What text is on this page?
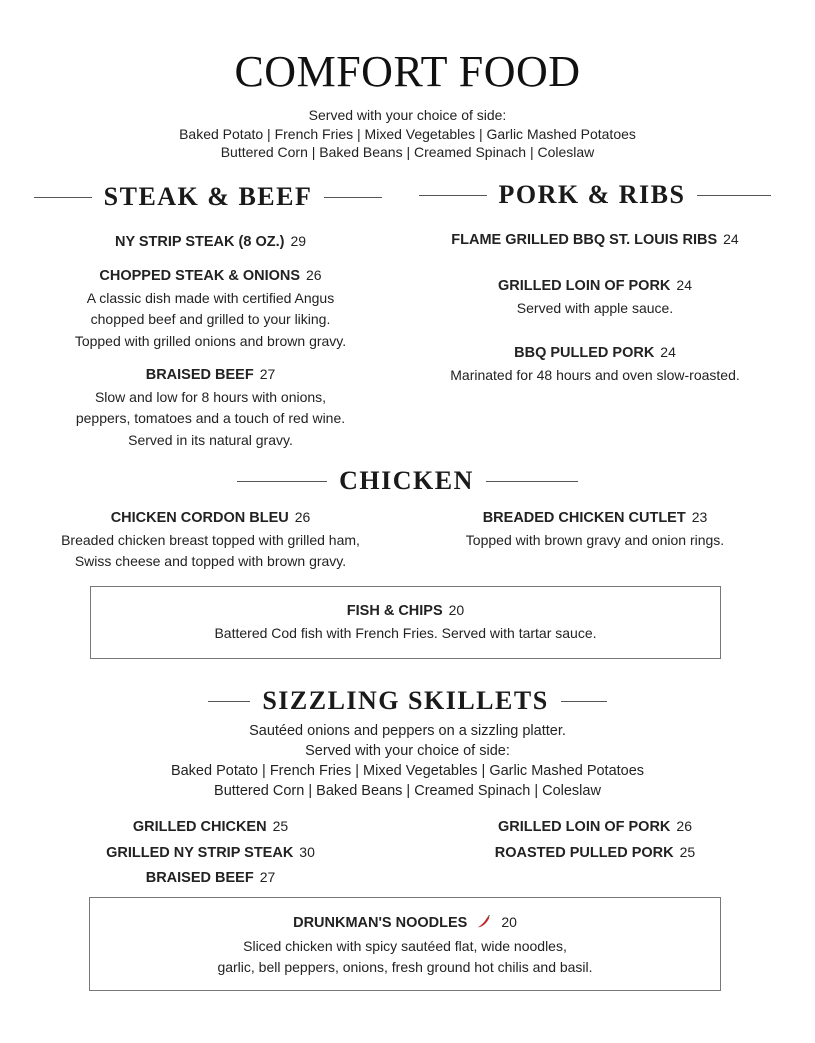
COMFORT FOOD
Served with your choice of side:
Baked Potato | French Fries | Mixed Vegetables | Garlic Mashed Potatoes
Buttered Corn | Baked Beans | Creamed Spinach | Coleslaw
STEAK & BEEF
NY STRIP STEAK (8 OZ.) 29
CHOPPED STEAK & ONIONS 26
A classic dish made with certified Angus
chopped beef and grilled to your liking.
Topped with grilled onions and brown gravy.
BRAISED BEEF 27
Slow and low for 8 hours with onions,
peppers, tomatoes and a touch of red wine.
Served in its natural gravy.
PORK & RIBS
FLAME GRILLED BBQ ST. LOUIS RIBS 24
GRILLED LOIN OF PORK 24
Served with apple sauce.
BBQ PULLED PORK 24
Marinated for 48 hours and oven slow-roasted.
CHICKEN
CHICKEN CORDON BLEU 26
Breaded chicken breast topped with grilled ham,
Swiss cheese and topped with brown gravy.
BREADED CHICKEN CUTLET 23
Topped with brown gravy and onion rings.
FISH & CHIPS 20
Battered Cod fish with French Fries. Served with tartar sauce.
SIZZLING SKILLETS
Sautéed onions and peppers on a sizzling platter.
Served with your choice of side:
Baked Potato | French Fries | Mixed Vegetables | Garlic Mashed Potatoes
Buttered Corn | Baked Beans | Creamed Spinach | Coleslaw
GRILLED CHICKEN 25
GRILLED NY STRIP STEAK 30
BRAISED BEEF 27
GRILLED LOIN OF PORK 26
ROASTED PULLED PORK 25
DRUNKMAN'S NOODLES 20
Sliced chicken with spicy sautéed flat, wide noodles,
garlic, bell peppers, onions, fresh ground hot chilis and basil.
